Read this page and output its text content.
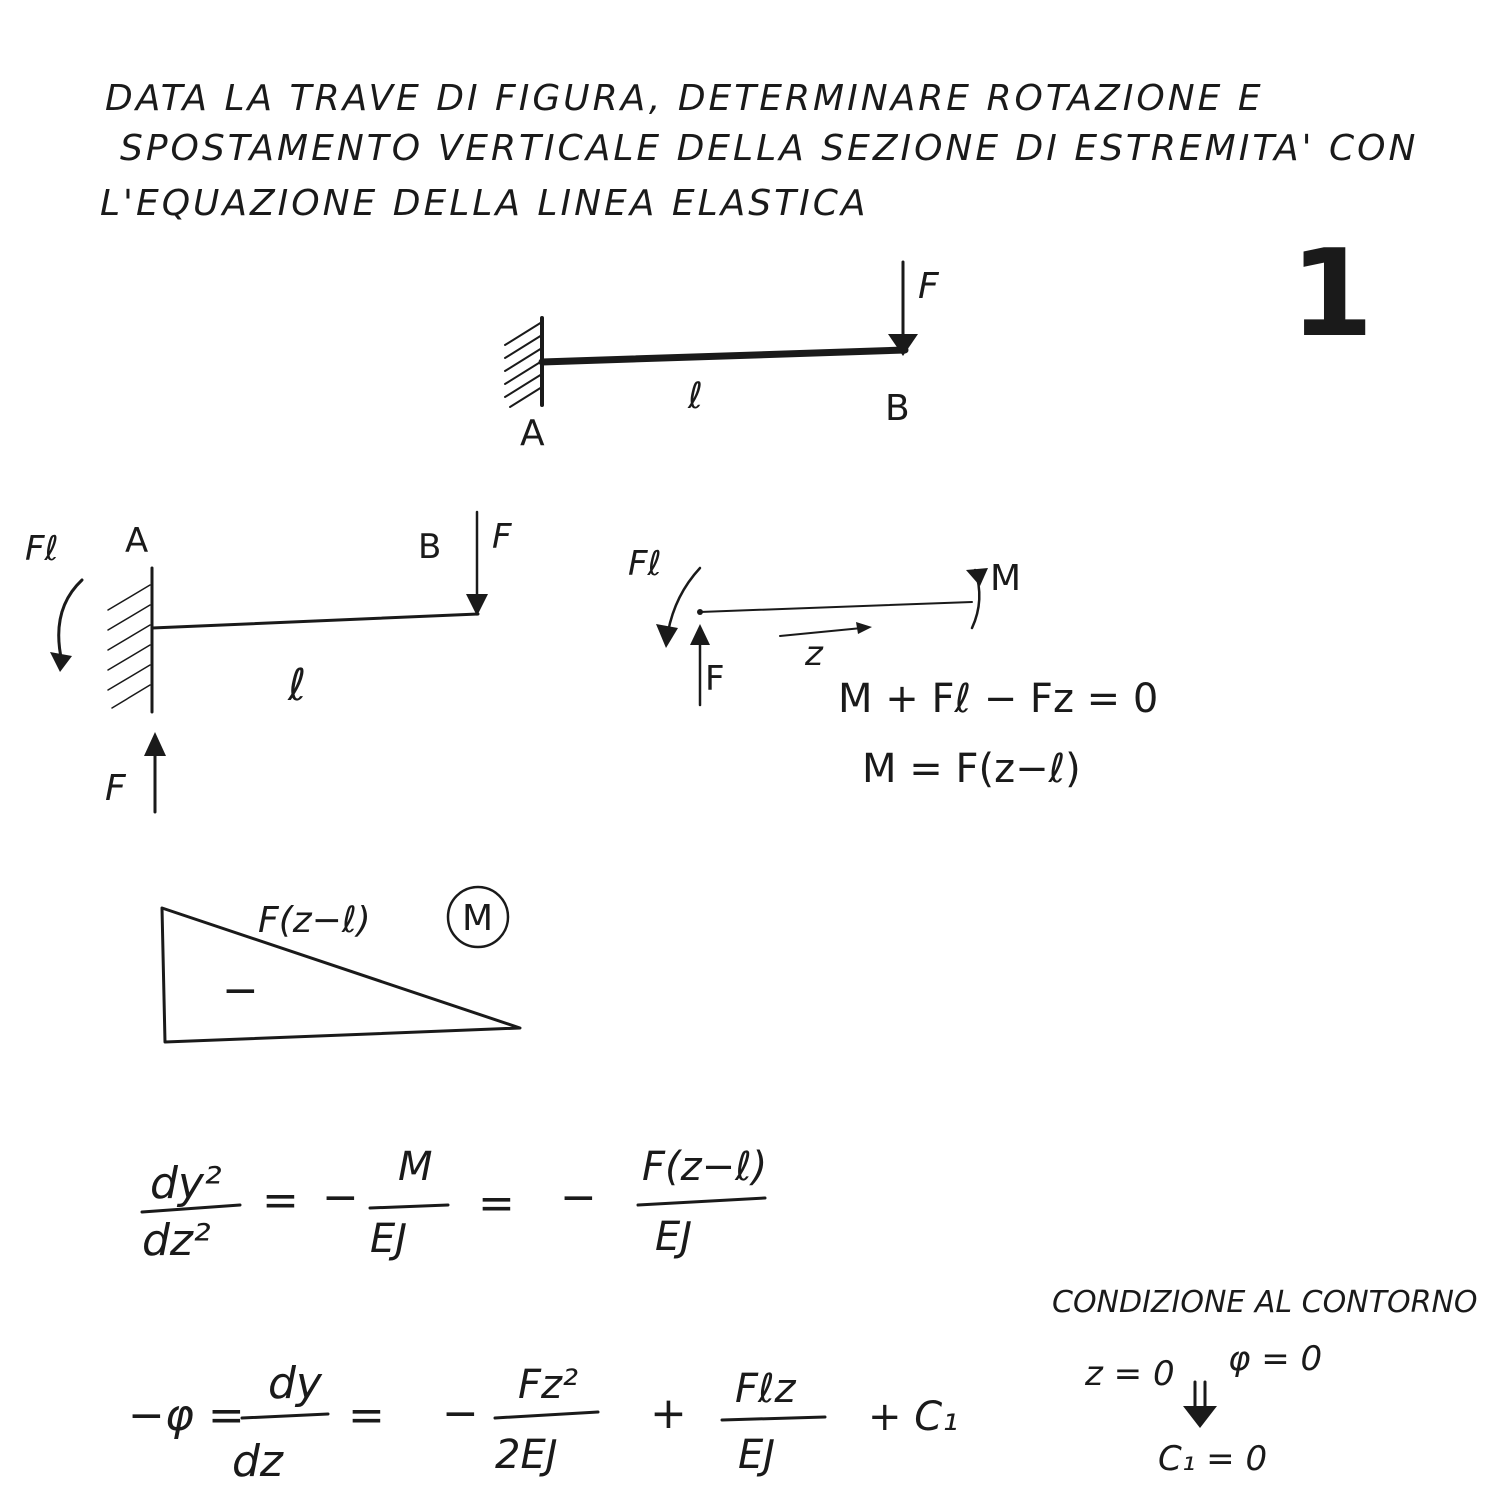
DATA LA TRAVE DI FIGURA, DETERMINARE ROTAZIONE E
SPOSTAMENTO VERTICALE DELLA SEZIONE DI ESTREMITA' CON
L'EQUAZIONE DELLA LINEA ELASTICA
1
F
ℓ
A
B
Fℓ A	F
B
ℓ
F
Fℓ	M
F
z
M + Fℓ − Fz = 0
M = F(z−ℓ)
F(z−ℓ)	M
−
dy²
dz²
= −
M
EJ
= −
F(z−ℓ)
EJ
−φ =
dy
dz
= −
Fz²
2EJ
+ Fℓz
EJ
+ C₁
CONDIZIONE AL CONTORNO
z = 0 φ = 0
C₁ = 0
